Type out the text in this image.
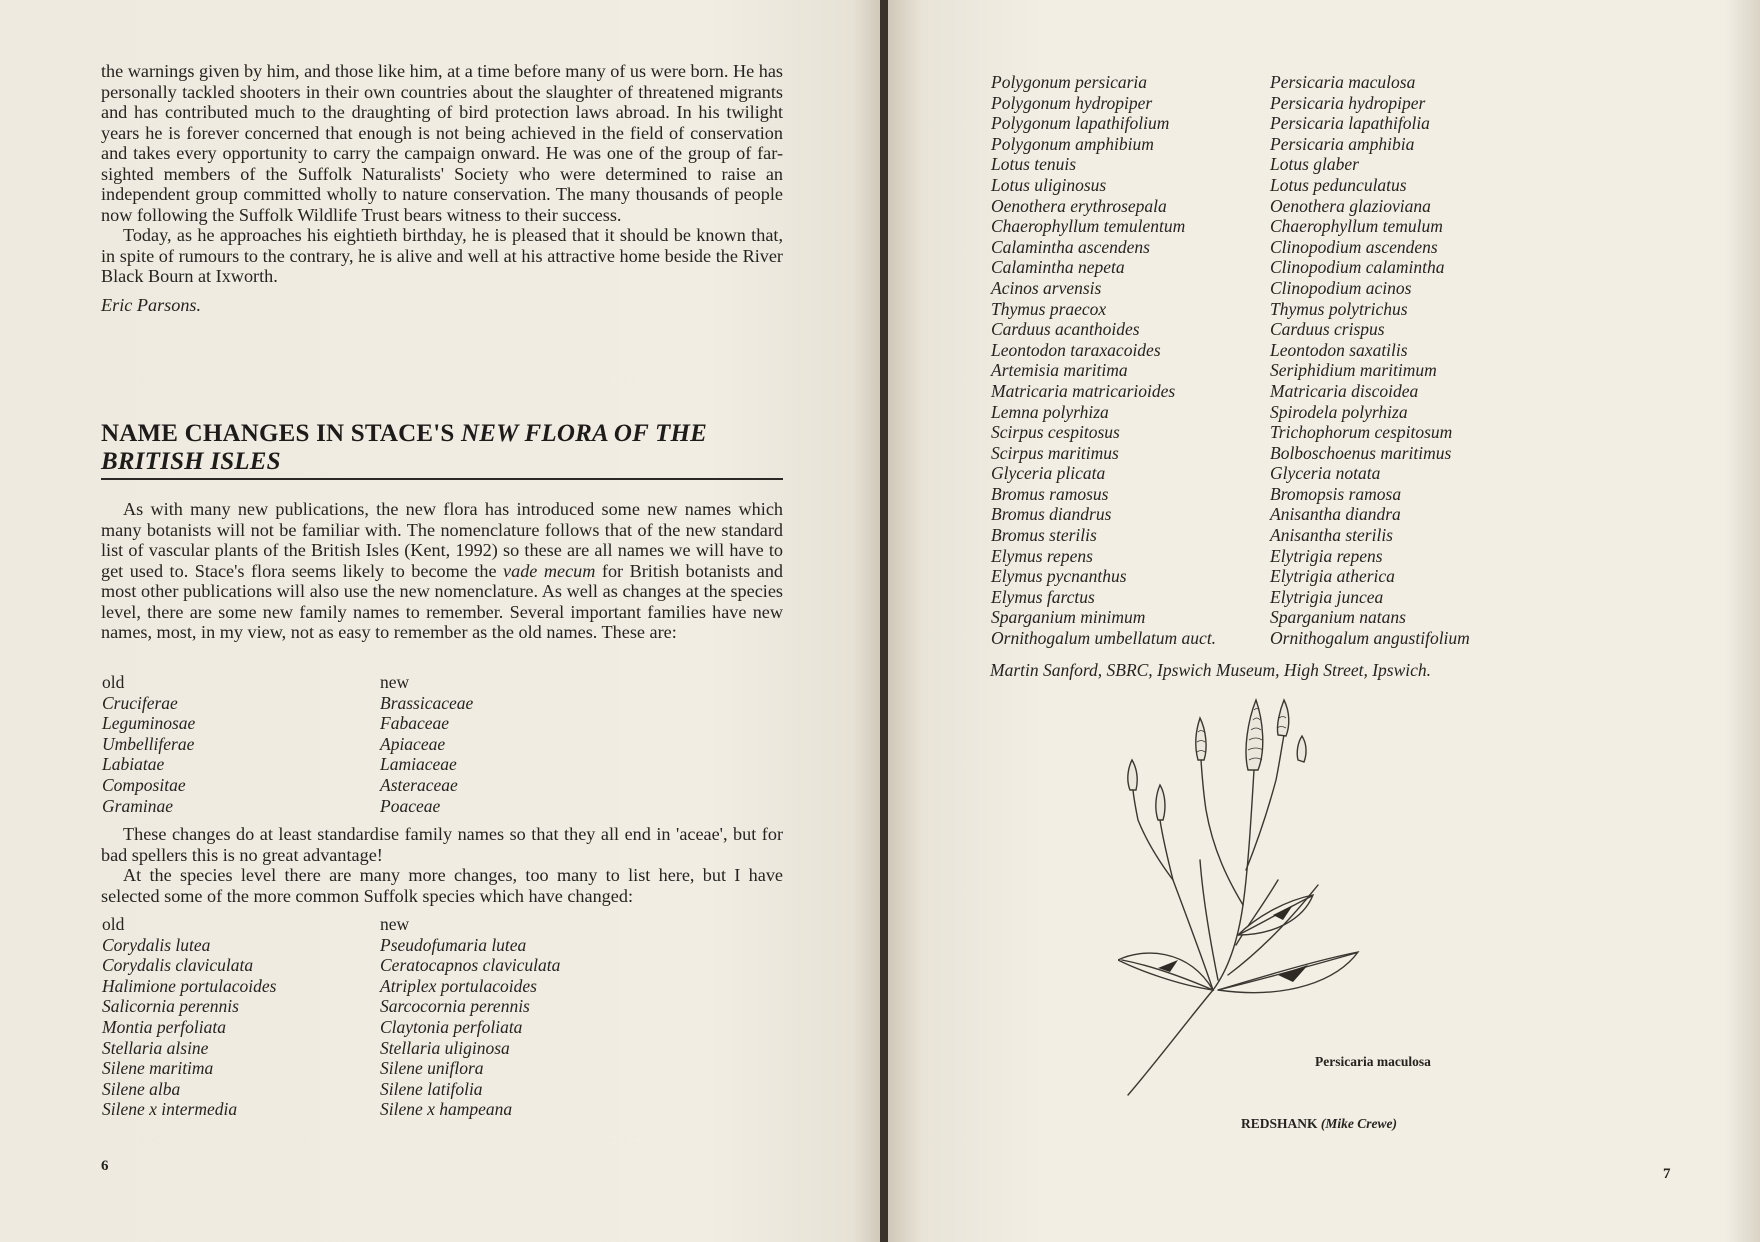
the warnings given by him, and those like him, at a time before many of us were born. He has personally tackled shooters in their own countries about the slaughter of threatened migrants and has contributed much to the draughting of bird protection laws abroad. In his twilight years he is forever concerned that enough is not being achieved in the field of conservation and takes every opportunity to carry the campaign onward. He was one of the group of far-sighted members of the Suffolk Naturalists' Society who were determined to raise an independent group committed wholly to nature conservation. The many thousands of people now following the Suffolk Wildlife Trust bears witness to their success.

Today, as he approaches his eightieth birthday, he is pleased that it should be known that, in spite of rumours to the contrary, he is alive and well at his attractive home beside the River Black Bourn at Ixworth.

Eric Parsons.

NAME CHANGES IN STACE'S NEW FLORA OF THE BRITISH ISLES

As with many new publications, the new flora has introduced some new names which many botanists will not be familiar with. The nomenclature follows that of the new standard list of vascular plants of the British Isles (Kent, 1992) so these are all names we will have to get used to. Stace's flora seems likely to become the vade mecum for British botanists and most other publications will also use the new nomenclature. As well as changes at the species level, there are some new family names to remember. Several important families have new names, most, in my view, not as easy to remember as the old names. These are:

old	new
Cruciferae	Brassicaceae
Leguminosae	Fabaceae
Umbelliferae	Apiaceae
Labiatae	Lamiaceae
Compositae	Asteraceae
Graminae	Poaceae

These changes do at least standardise family names so that they all end in 'aceae', but for bad spellers this is no great advantage!

At the species level there are many more changes, too many to list here, but I have selected some of the more common Suffolk species which have changed:

old	new
Corydalis lutea	Pseudofumaria lutea
Corydalis claviculata	Ceratocapnos claviculata
Halimione portulacoides	Atriplex portulacoides
Salicornia perennis	Sarcocornia perennis
Montia perfoliata	Claytonia perfoliata
Stellaria alsine	Stellaria uliginosa
Silene maritima	Silene uniflora
Silene alba	Silene latifolia
Silene x intermedia	Silene x hampeana
6
Polygonum persicaria	Persicaria maculosa
Polygonum hydropiper	Persicaria hydropiper
Polygonum lapathifolium	Persicaria lapathifolia
Polygonum amphibium	Persicaria amphibia
Lotus tenuis	Lotus glaber
Lotus uliginosus	Lotus pedunculatus
Oenothera erythrosepala	Oenothera glazioviana
Chaerophyllum temulentum	Chaerophyllum temulum
Calamintha ascendens	Clinopodium ascendens
Calamintha nepeta	Clinopodium calamintha
Acinos arvensis	Clinopodium acinos
Thymus praecox	Thymus polytrichus
Carduus acanthoides	Carduus crispus
Leontodon taraxacoides	Leontodon saxatilis
Artemisia maritima	Seriphidium maritimum
Matricaria matricarioides	Matricaria discoidea
Lemna polyrhiza	Spirodela polyrhiza
Scirpus cespitosus	Trichophorum cespitosum
Scirpus maritimus	Bolboschoenus maritimus
Glyceria plicata	Glyceria notata
Bromus ramosus	Bromopsis ramosa
Bromus diandrus	Anisantha diandra
Bromus sterilis	Anisantha sterilis
Elymus repens	Elytrigia repens
Elymus pycnanthus	Elytrigia atherica
Elymus farctus	Elytrigia juncea
Sparganium minimum	Sparganium natans
Ornithogalum umbellatum auct.	Ornithogalum angustifolium
Martin Sanford, SBRC, Ipswich Museum, High Street, Ipswich.
Persicaria maculosa
REDSHANK (Mike Crewe)
7
